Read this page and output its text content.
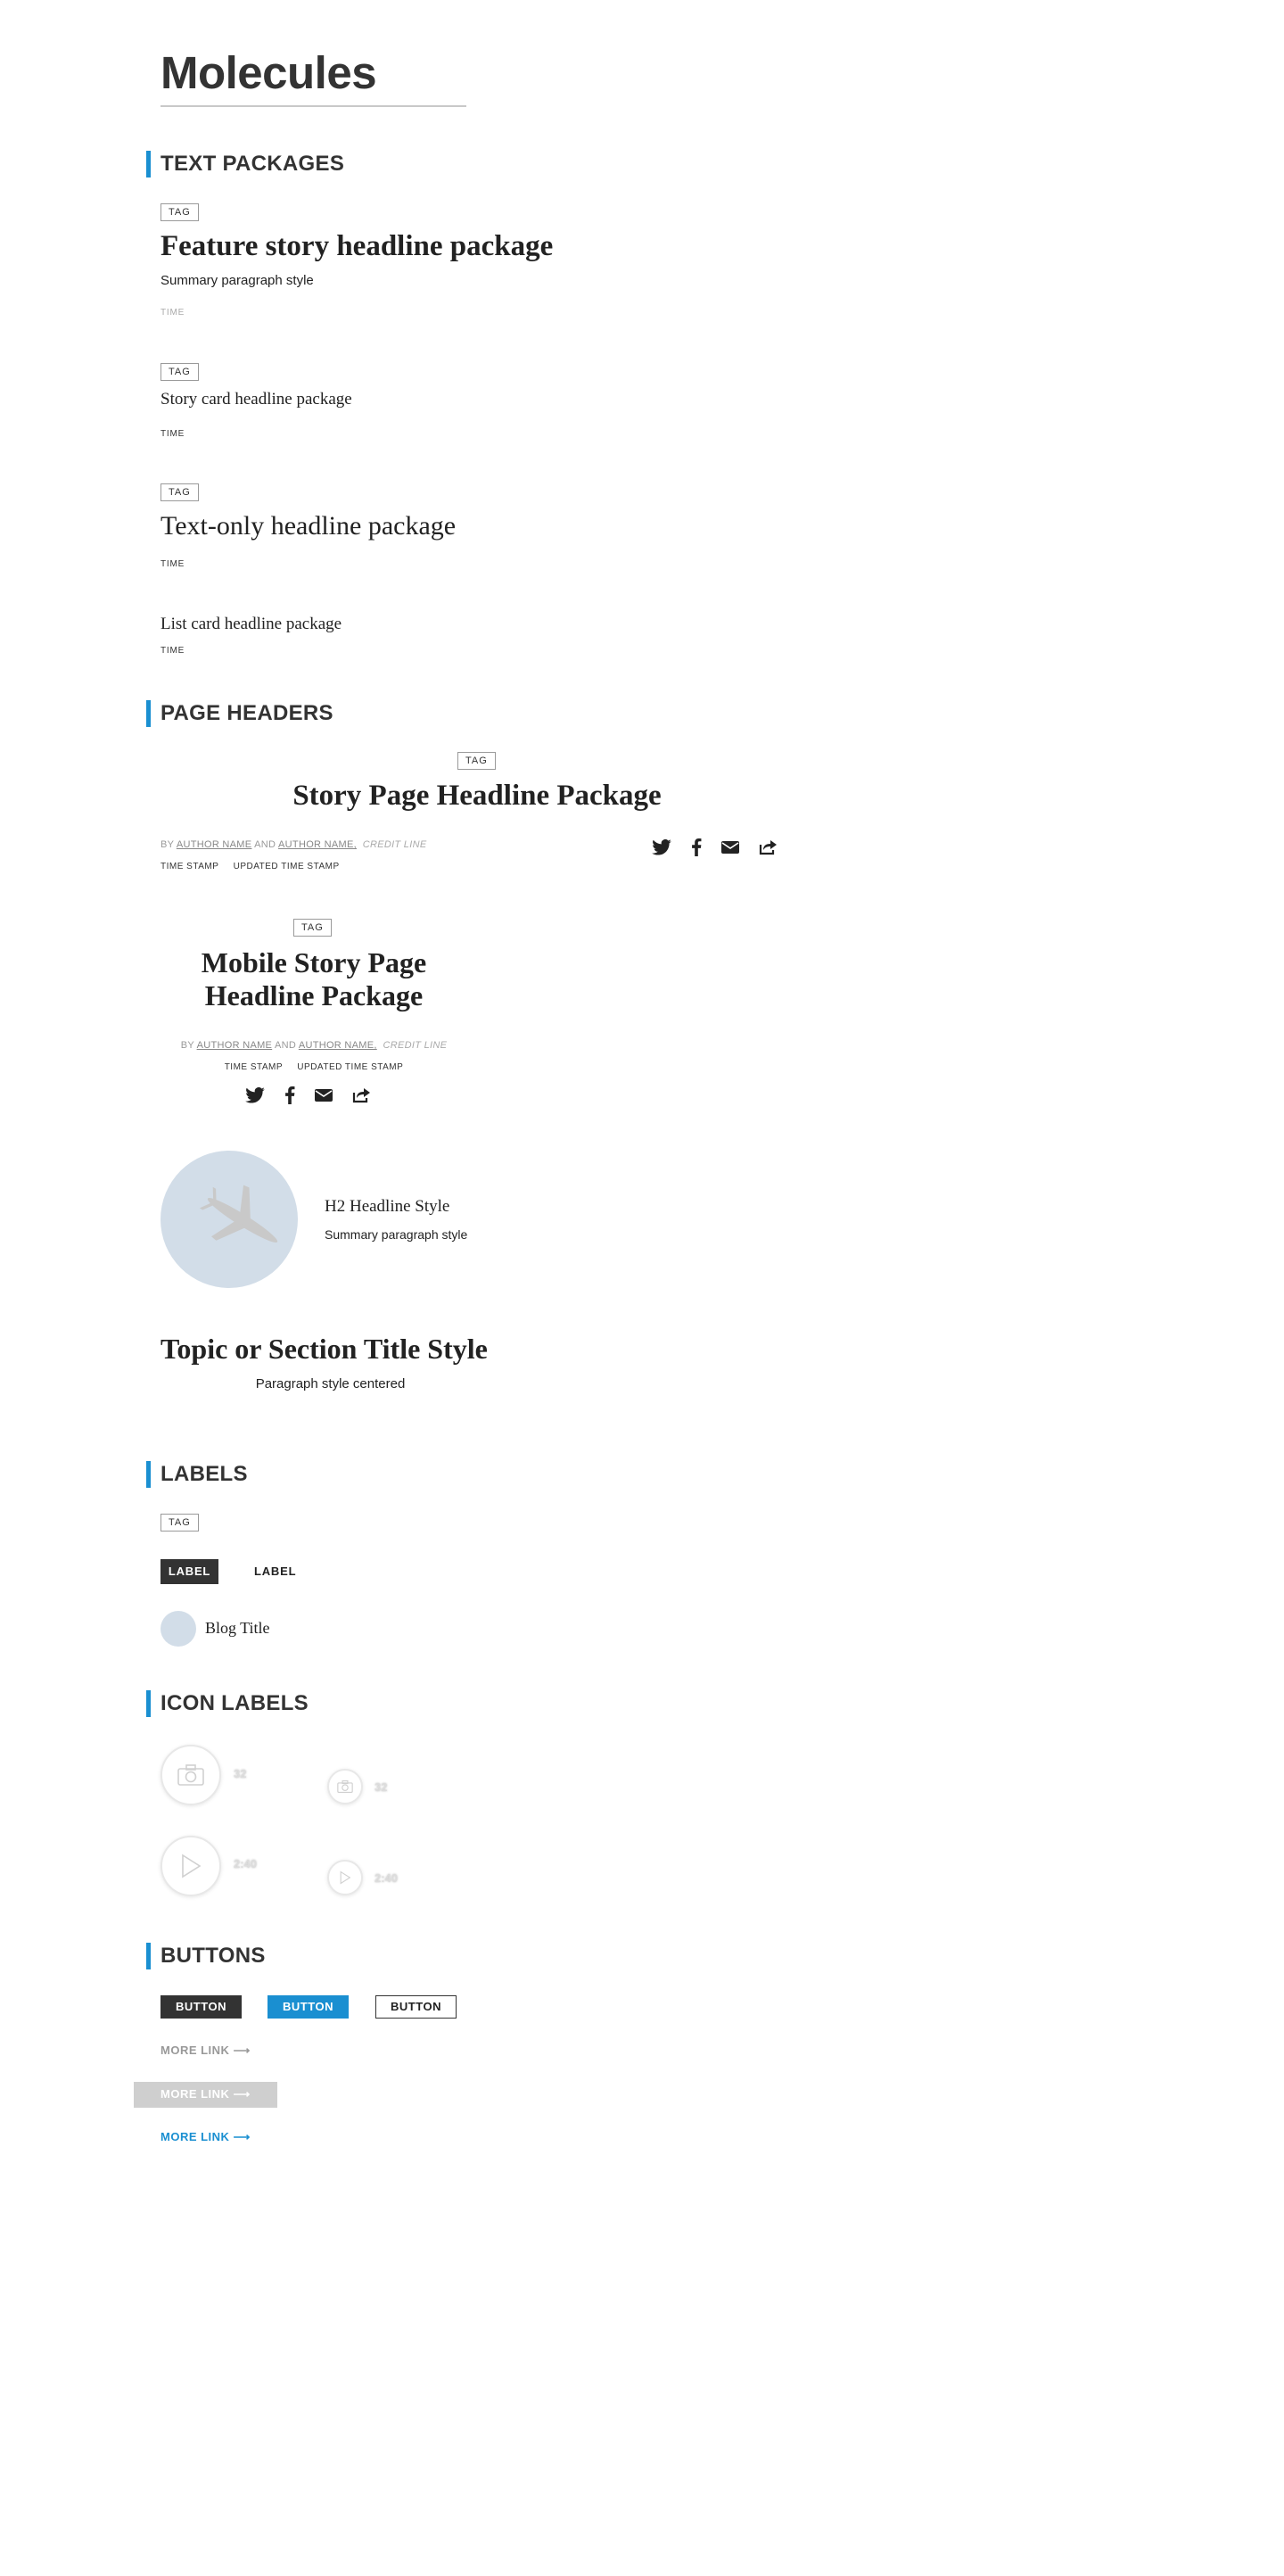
Molecules
TEXT PACKAGES
TAG
Feature story headline package
Summary paragraph style
TIME
TAG
Story card headline package
TIME
TAG
Text-only headline package
TIME
List card headline package
TIME
PAGE HEADERS
TAG
Story Page Headline Package
BY AUTHOR NAME AND AUTHOR NAME, CREDIT LINE
TIME STAMP UPDATED TIME STAMP
TAG
Mobile Story Page
Headline Package
BY AUTHOR NAME AND AUTHOR NAME, CREDIT LINE
TIME STAMP UPDATED TIME STAMP
H2 Headline Style
Summary paragraph style
Topic or Section Title Style
Paragraph style centered
LABELS
TAG
LABEL	LABEL
Blog Title
ICON LABELS
32
32
2:40
2:40
BUTTONS
BUTTON	BUTTON	BUTTON
MORE LINK ⟶
MORE LINK ⟶
MORE LINK ⟶
